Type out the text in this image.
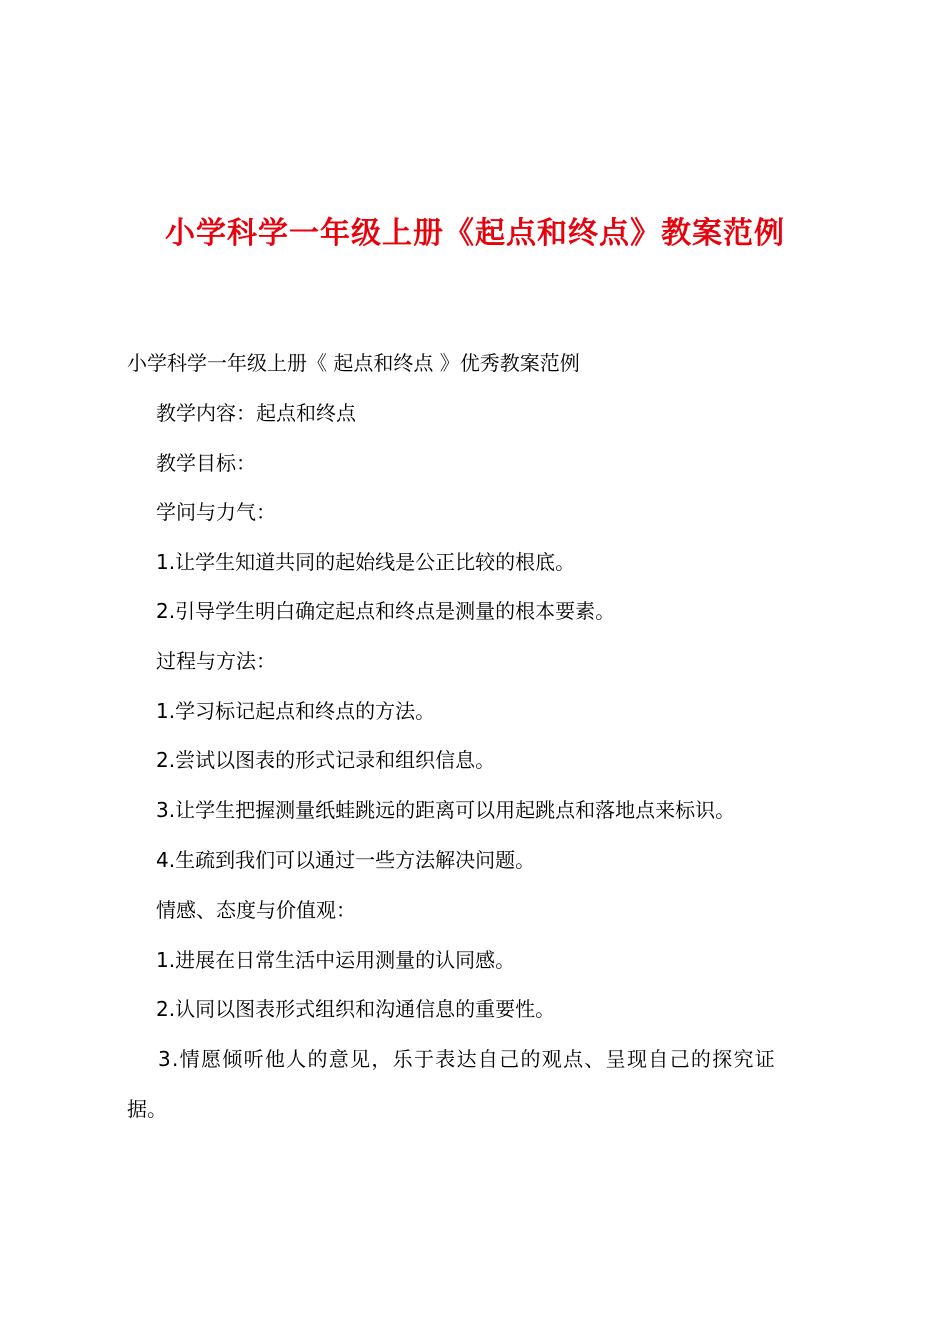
小学科学一年级上册《起点和终点》教案范例

小学科学一年级上册《 起点和终点 》优秀教案范例

教学内容：起点和终点

教学目标：

学问与力气：

1.让学生知道共同的起始线是公正比较的根底。

2.引导学生明白确定起点和终点是测量的根本要素。

过程与方法：

1.学习标记起点和终点的方法。

2.尝试以图表的形式记录和组织信息。

3.让学生把握测量纸蛙跳远的距离可以用起跳点和落地点来标识。

4.生疏到我们可以通过一些方法解决问题。

情感、态度与价值观：

1.进展在日常生活中运用测量的认同感。

2.认同以图表形式组织和沟通信息的重要性。

3.情愿倾听他人的意见，乐于表达自己的观点、呈现自己的探究证

据。
